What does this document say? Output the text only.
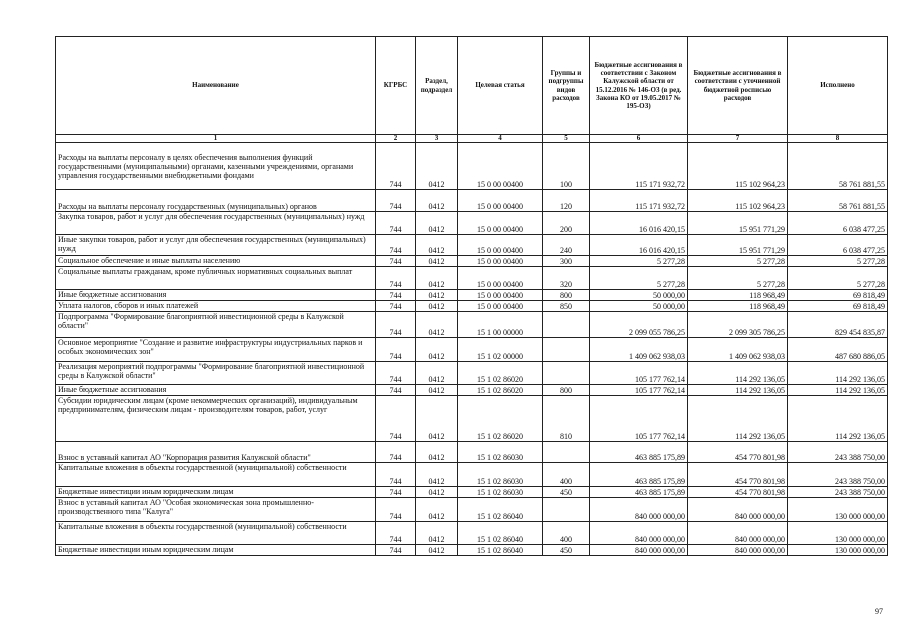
Наименование	КГРБС	Раздел, подраздел	Целевая статья	Группы и подгруппы видов расходов	Бюджетные ассигнования в соответствии с Законом Калужской области от 15.12.2016 № 146-ОЗ (в ред. Закона КО от 19.05.2017 № 195-ОЗ)	Бюджетные ассигнования в соответствии с уточненной бюджетной росписью расходов	Исполнено
1	2	3	4	5	6	7	8
Расходы на выплаты персоналу в целях обеспечения выполнения функций государственными (муниципальными) органами, казенными учреждениями, органами управления государственными внебюджетными фондами	744	0412	15 0 00 00400	100	115 171 932,72	115 102 964,23	58 761 881,55
Расходы на выплаты персоналу государственных (муниципальных) органов	744	0412	15 0 00 00400	120	115 171 932,72	115 102 964,23	58 761 881,55
Закупка товаров, работ и услуг для обеспечения государственных (муниципальных) нужд	744	0412	15 0 00 00400	200	16 016 420,15	15 951 771,29	6 038 477,25
Иные закупки товаров, работ и услуг для обеспечения государственных (муниципальных) нужд	744	0412	15 0 00 00400	240	16 016 420,15	15 951 771,29	6 038 477,25
Социальное обеспечение и иные выплаты населению	744	0412	15 0 00 00400	300	5 277,28	5 277,28	5 277,28
Социальные выплаты гражданам, кроме публичных нормативных социальных выплат	744	0412	15 0 00 00400	320	5 277,28	5 277,28	5 277,28
Иные бюджетные ассигнования	744	0412	15 0 00 00400	800	50 000,00	118 968,49	69 818,49
Уплата налогов, сборов и иных платежей	744	0412	15 0 00 00400	850	50 000,00	118 968,49	69 818,49
Подпрограмма "Формирование благоприятной инвестиционной среды в Калужской области"	744	0412	15 1 00 00000		2 099 055 786,25	2 099 305 786,25	829 454 835,87
Основное мероприятие "Создание и развитие инфраструктуры индустриальных парков и особых экономических зон"	744	0412	15 1 02 00000		1 409 062 938,03	1 409 062 938,03	487 680 886,05
Реализация мероприятий подпрограммы "Формирование благоприятной инвестиционной среды в Калужской области"	744	0412	15 1 02 86020		105 177 762,14	114 292 136,05	114 292 136,05
Иные бюджетные ассигнования	744	0412	15 1 02 86020	800	105 177 762,14	114 292 136,05	114 292 136,05
Субсидии юридическим лицам (кроме некоммерческих организаций), индивидуальным предпринимателям, физическим лицам - производителям товаров, работ, услуг	744	0412	15 1 02 86020	810	105 177 762,14	114 292 136,05	114 292 136,05
Взнос в уставный капитал АО "Корпорация развития Калужской области"	744	0412	15 1 02 86030		463 885 175,89	454 770 801,98	243 388 750,00
Капитальные вложения в объекты государственной (муниципальной) собственности	744	0412	15 1 02 86030	400	463 885 175,89	454 770 801,98	243 388 750,00
Бюджетные инвестиции иным юридическим лицам	744	0412	15 1 02 86030	450	463 885 175,89	454 770 801,98	243 388 750,00
Взнос в уставный капитал АО "Особая экономическая зона промышленно-производственного типа "Калуга"	744	0412	15 1 02 86040		840 000 000,00	840 000 000,00	130 000 000,00
Капитальные вложения в объекты государственной (муниципальной) собственности	744	0412	15 1 02 86040	400	840 000 000,00	840 000 000,00	130 000 000,00
Бюджетные инвестиции иным юридическим лицам	744	0412	15 1 02 86040	450	840 000 000,00	840 000 000,00	130 000 000,00
97
